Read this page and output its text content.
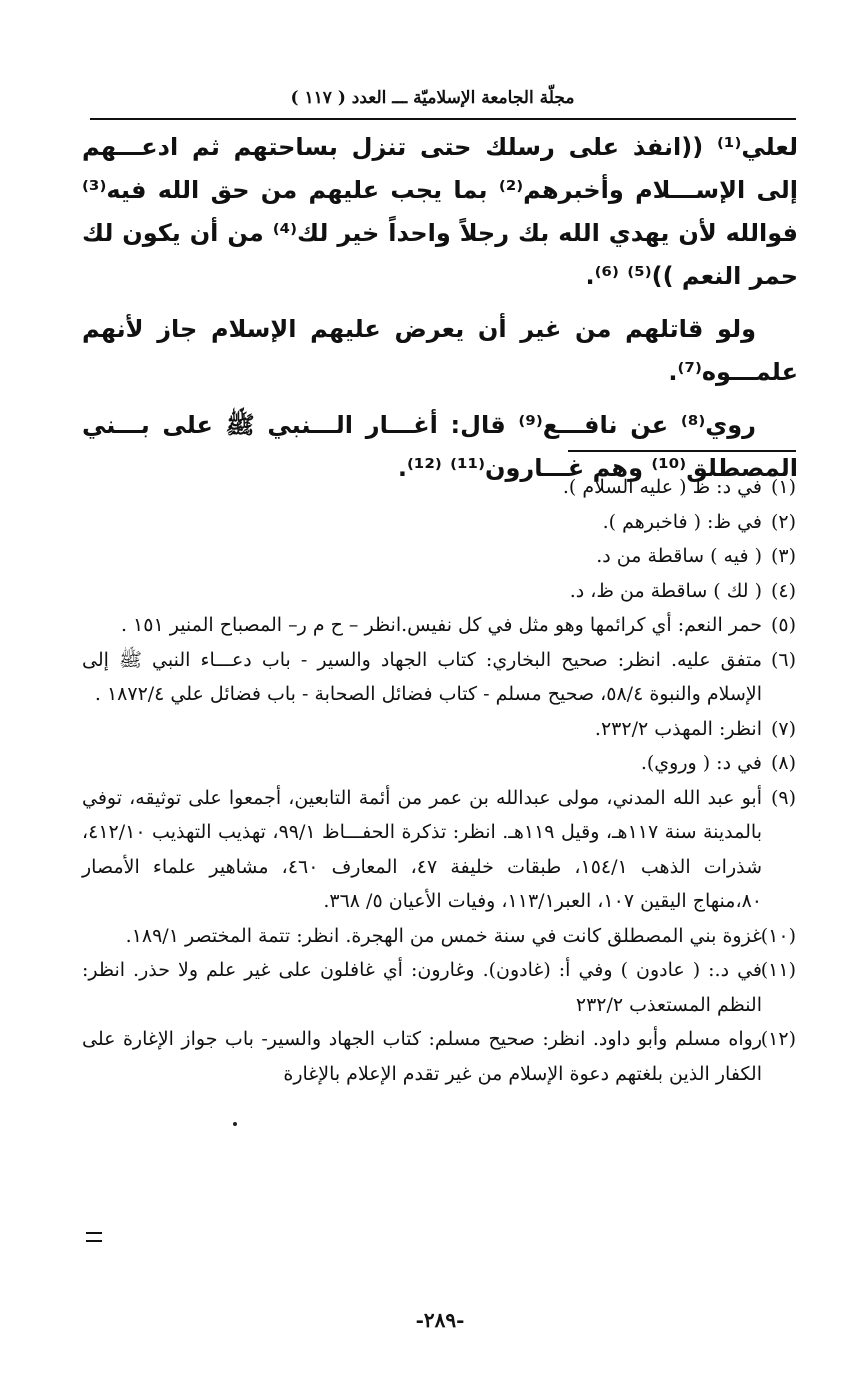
مجلّة الجامعة الإسلاميّة ـــ العدد ( ١١٧ )

لعلي⁽¹⁾ ((انفذ على رسلك حتى تنزل بساحتهم ثم ادعـــهم إلى الإســـلام وأخبرهم⁽²⁾ بما يجب عليهم من حق الله فيه⁽³⁾ فوالله لأن يهدي الله بك رجلاً واحداً خير لك⁽⁴⁾ من أن يكون لك حمر النعم ))⁽⁵⁾ ⁽⁶⁾.

ولو قاتلهم من غير أن يعرض عليهم الإسلام جاز لأنهم علمـــوه⁽⁷⁾.

روي⁽⁸⁾ عن نافـــع⁽⁹⁾ قال: أغـــار الـــنبي ﷺ على بـــني المصطلق⁽¹⁰⁾ وهم غـــارون⁽¹¹⁾ ⁽¹²⁾.

(١)في د: ظ ( عليه السلام ).

(٢)في ظ: ( فاخبرهم ).

(٣)( فيه ) ساقطة من د.

(٤)( لك ) ساقطة من ظ، د.

(٥)حمر النعم: أي كرائمها وهو مثل في كل نفيس.انظر – ح م ر– المصباح المنير ١٥١ .

(٦)متفق عليه. انظر: صحيح البخاري: كتاب الجهاد والسير - باب دعـــاء النبي ﷺ إلى الإسلام والنبوة ٥٨/٤، صحيح مسلم - كتاب فضائل الصحابة - باب فضائل علي ١٨٧٢/٤ .

(٧)انظر: المهذب ٢٣٢/٢.

(٨)في د: ( وروي).

(٩)أبو عبد الله المدني، مولى عبدالله بن عمر من أئمة التابعين، أجمعوا على توثيقه، توفي بالمدينة سنة ١١٧هـ، وقيل ١١٩هـ. انظر: تذكرة الحفـــاظ ٩٩/١، تهذيب التهذيب ٤١٢/١٠، شذرات الذهب ١٥٤/١، طبقات خليفة ٤٧، المعارف ٤٦٠، مشاهير علماء الأمصار ٨٠،منهاج اليقين ١٠٧، العبر١١٣/١، وفيات الأعيان ٥/ ٣٦٨.

(١٠)غزوة بني المصطلق كانت في سنة خمس من الهجرة. انظر: تتمة المختصر ١٨٩/١.

(١١)في د.: ( عادون ) وفي أ: (غادون). وغارون: أي غافلون على غير علم ولا حذر. انظر: النظم المستعذب ٢٣٢/٢

(١٢)رواه مسلم وأبو داود. انظر: صحيح مسلم: كتاب الجهاد والسير- باب جواز الإغارة على الكفار الذين بلغتهم دعوة الإسلام من غير تقدم الإعلام بالإغارة

-٢٨٩-
